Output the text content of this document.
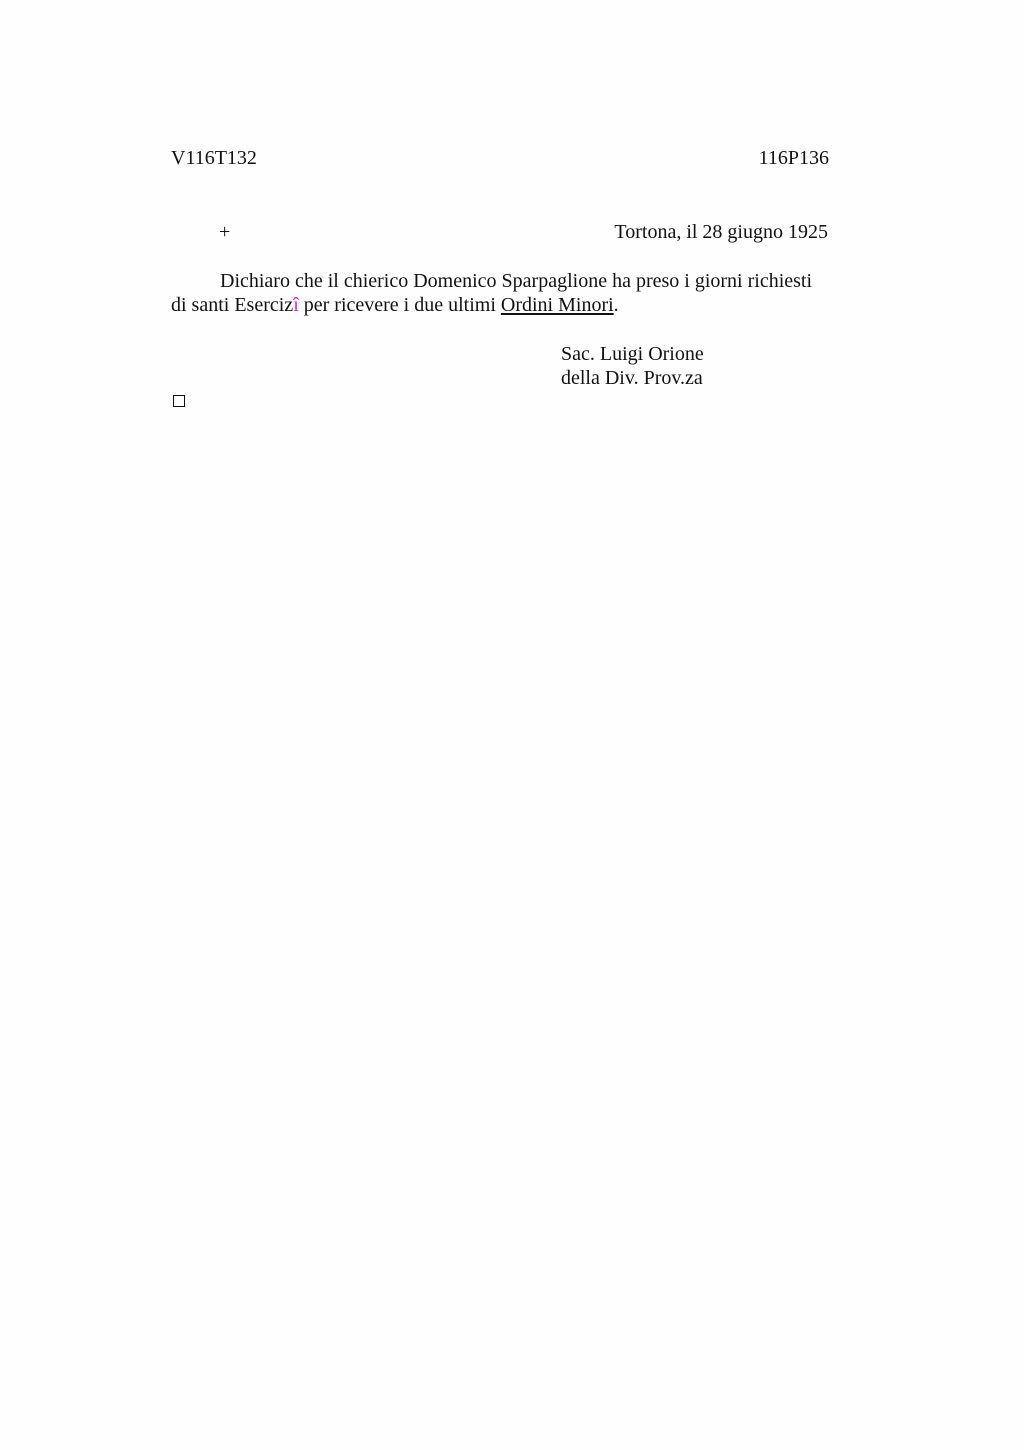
V116T132	116P136
+	Tortona, il 28 giugno 1925
Dichiaro che il chierico Domenico Sparpaglione ha preso i giorni richiesti
di santi Esercizî per ricevere i due ultimi Ordini Minori.
Sac. Luigi Orione
della Div. Prov.za
